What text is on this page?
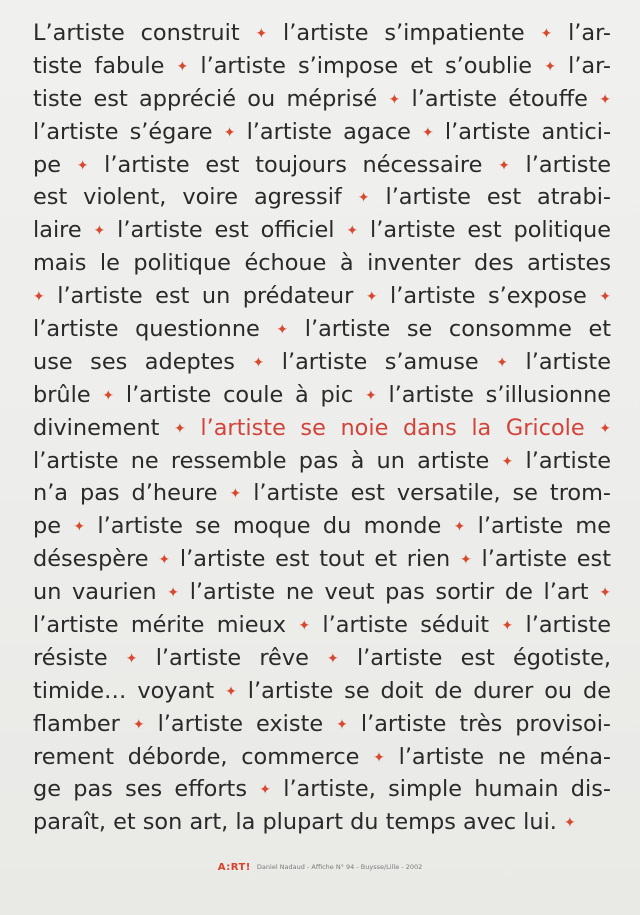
L’artiste construit ✦ l’artiste s’impatiente ✦ l’ar-
tiste fabule ✦ l’artiste s’impose et s’oublie ✦ l’ar-
tiste est apprécié ou méprisé ✦ l’artiste étouffe ✦
l’artiste s’égare ✦ l’artiste agace ✦ l’artiste antici-
pe ✦ l’artiste est toujours nécessaire ✦ l’artiste
est violent, voire agressif ✦ l’artiste est atrabi-
laire ✦ l’artiste est officiel ✦ l’artiste est politique
mais le politique échoue à inventer des artistes
✦ l’artiste est un prédateur ✦ l’artiste s’expose ✦
l’artiste questionne ✦ l’artiste se consomme et
use ses adeptes ✦ l’artiste s’amuse ✦ l’artiste
brûle ✦ l’artiste coule à pic ✦ l’artiste s’illusionne
divinement ✦ l’artiste se noie dans la Gricole ✦
l’artiste ne ressemble pas à un artiste ✦ l’artiste
n’a pas d’heure ✦ l’artiste est versatile, se trom-
pe ✦ l’artiste se moque du monde ✦ l’artiste me
désespère ✦ l’artiste est tout et rien ✦ l’artiste est
un vaurien ✦ l’artiste ne veut pas sortir de l’art ✦
l’artiste mérite mieux ✦ l’artiste séduit ✦ l’artiste
résiste ✦ l’artiste rêve ✦ l’artiste est égotiste,
timide… voyant ✦ l’artiste se doit de durer ou de
flamber ✦ l’artiste existe ✦ l’artiste très provisoi-
rement déborde, commerce ✦ l’artiste ne ména-
ge pas ses efforts ✦ l’artiste, simple humain dis-
paraît, et son art, la plupart du temps avec lui. ✦
A:RT! Daniel Nadaud - Affiche N° 94 - Buysse/Lille - 2002
